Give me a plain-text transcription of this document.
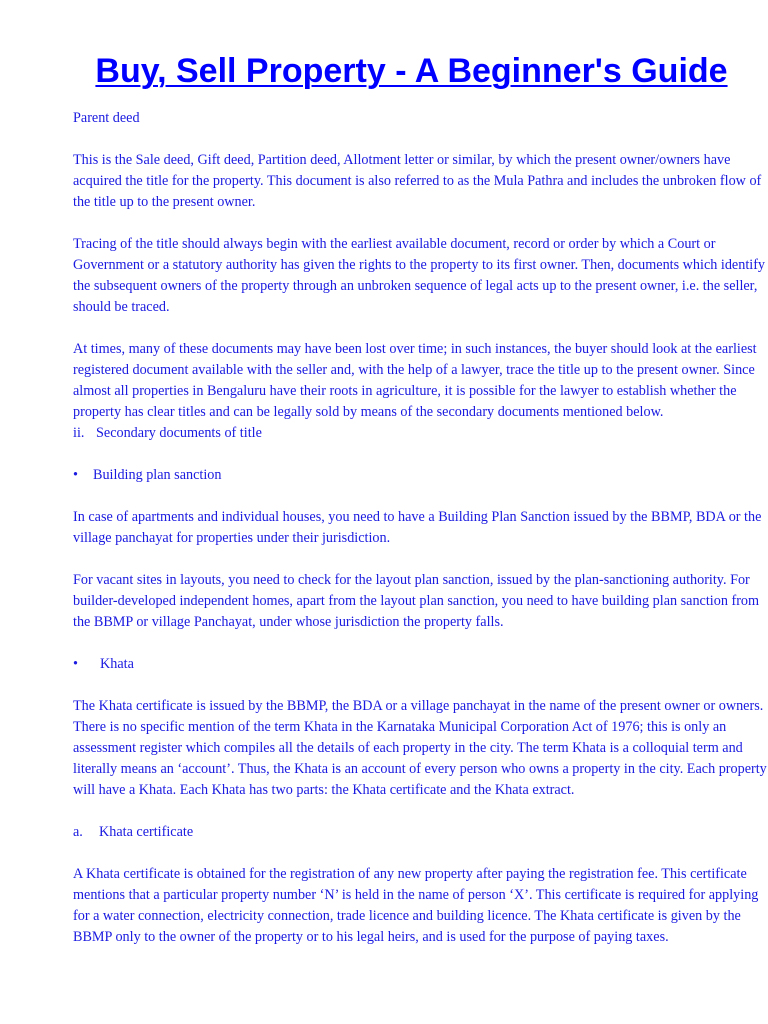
Buy, Sell Property - A Beginner's Guide

Parent deed

This is the Sale deed, Gift deed, Partition deed, Allotment letter or similar, by which the present owner/owners have acquired the title for the property. This document is also referred to as the Mula Pathra and includes the unbroken flow of the title up to the present owner.

Tracing of the title should always begin with the earliest available document, record or order by which a Court or Government or a statutory authority has given the rights to the property to its first owner. Then, documents which identify the subsequent owners of the property through an unbroken sequence of legal acts up to the present owner, i.e. the seller, should be traced.

At times, many of these documents may have been lost over time; in such instances, the buyer should look at the earliest registered document available with the seller and, with the help of a lawyer, trace the title up to the present owner. Since almost all properties in Bengaluru have their roots in agriculture, it is possible for the lawyer to establish whether the property has clear titles and can be legally sold by means of the secondary documents mentioned below.

ii. Secondary documents of title

• Building plan sanction

In case of apartments and individual houses, you need to have a Building Plan Sanction issued by the BBMP, BDA or the village panchayat for properties under their jurisdiction.

For vacant sites in layouts, you need to check for the layout plan sanction, issued by the plan-sanctioning authority. For builder-developed independent homes, apart from the layout plan sanction, you need to have building plan sanction from the BBMP or village Panchayat, under whose jurisdiction the property falls.

• Khata

The Khata certificate is issued by the BBMP, the BDA or a village panchayat in the name of the present owner or owners. There is no specific mention of the term Khata in the Karnataka Municipal Corporation Act of 1976; this is only an assessment register which compiles all the details of each property in the city. The term Khata is a colloquial term and literally means an ‘account’. Thus, the Khata is an account of every person who owns a property in the city. Each property will have a Khata. Each Khata has two parts: the Khata certificate and the Khata extract.

a. Khata certificate

A Khata certificate is obtained for the registration of any new property after paying the registration fee. This certificate mentions that a particular property number ‘N’ is held in the name of person ‘X’. This certificate is required for applying for a water connection, electricity connection, trade licence and building licence. The Khata certificate is given by the BBMP only to the owner of the property or to his legal heirs, and is used for the purpose of paying taxes.
